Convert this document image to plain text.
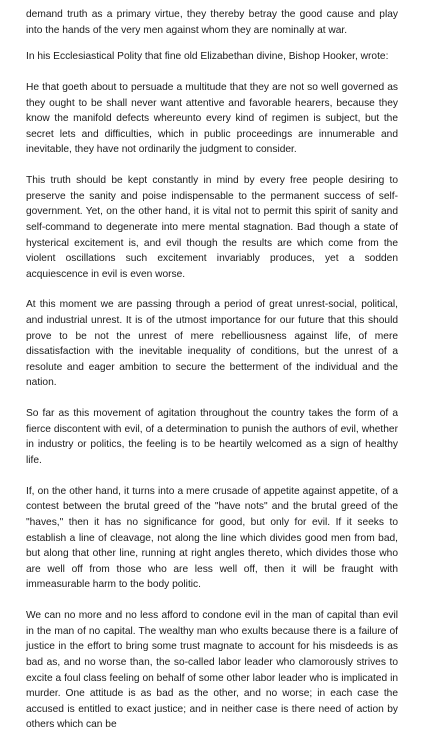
demand truth as a primary virtue, they thereby betray the good cause and play into the hands of the very men against whom they are nominally at war.

In his Ecclesiastical Polity that fine old Elizabethan divine, Bishop Hooker, wrote:

He that goeth about to persuade a multitude that they are not so well governed as they ought to be shall never want attentive and favorable hearers, because they know the manifold defects whereunto every kind of regimen is subject, but the secret lets and difficulties, which in public proceedings are innumerable and inevitable, they have not ordinarily the judgment to consider.

This truth should be kept constantly in mind by every free people desiring to preserve the sanity and poise indispensable to the permanent success of self-government. Yet, on the other hand, it is vital not to permit this spirit of sanity and self-command to degenerate into mere mental stagnation. Bad though a state of hysterical excitement is, and evil though the results are which come from the violent oscillations such excitement invariably produces, yet a sodden acquiescence in evil is even worse.

At this moment we are passing through a period of great unrest-social, political, and industrial unrest. It is of the utmost importance for our future that this should prove to be not the unrest of mere rebelliousness against life, of mere dissatisfaction with the inevitable inequality of conditions, but the unrest of a resolute and eager ambition to secure the betterment of the individual and the nation.

So far as this movement of agitation throughout the country takes the form of a fierce discontent with evil, of a determination to punish the authors of evil, whether in industry or politics, the feeling is to be heartily welcomed as a sign of healthy life.

If, on the other hand, it turns into a mere crusade of appetite against appetite, of a contest between the brutal greed of the "have nots" and the brutal greed of the "haves," then it has no significance for good, but only for evil. If it seeks to establish a line of cleavage, not along the line which divides good men from bad, but along that other line, running at right angles thereto, which divides those who are well off from those who are less well off, then it will be fraught with immeasurable harm to the body politic.

We can no more and no less afford to condone evil in the man of capital than evil in the man of no capital. The wealthy man who exults because there is a failure of justice in the effort to bring some trust magnate to account for his misdeeds is as bad as, and no worse than, the so-called labor leader who clamorously strives to excite a foul class feeling on behalf of some other labor leader who is implicated in murder. One attitude is as bad as the other, and no worse; in each case the accused is entitled to exact justice; and in neither case is there need of action by others which can be
